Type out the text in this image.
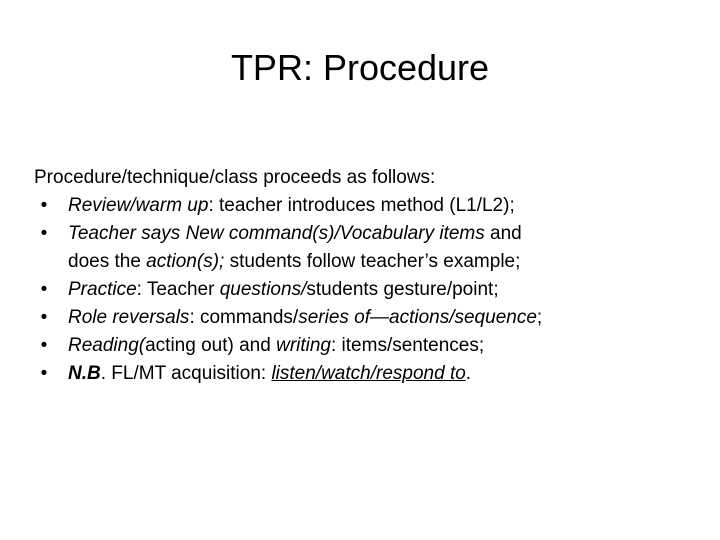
TPR: Procedure

Procedure/technique/class proceeds as follows:

•	Review/warm up: teacher introduces method (L1/L2);
•	Teacher says New command(s)/Vocabulary items and
does the action(s); students follow teacher’s example;
•	Practice: Teacher questions/students gesture/point;
•	Role reversals: commands/series of—actions/sequence;
•	Reading(acting out) and writing: items/sentences;
•	N.B. FL/MT acquisition: listen/watch/respond to.
